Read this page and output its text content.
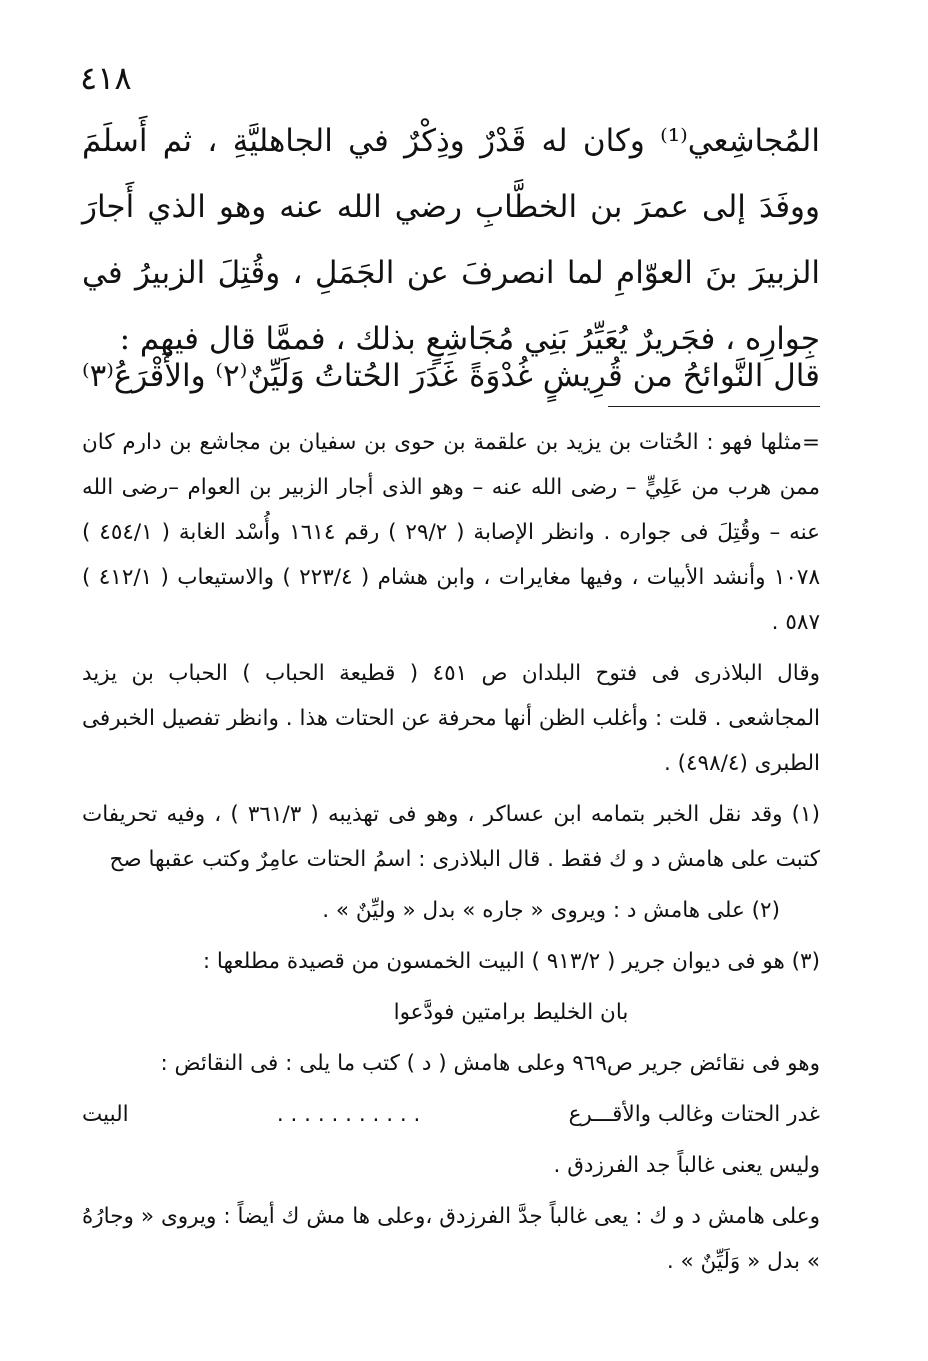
٤١٨

المُجاشِعي⁽¹⁾ وكان له قَدْرٌ وذِكْرٌ في الجاهليَّةِ ، ثم أَسلَمَ ووفَدَ إلى عمرَ بن الخطَّابِ رضي الله عنه وهو الذي أَجارَ الزبيرَ بنَ العوّامِ لما انصرفَ عن الجَمَلِ ، وقُتِلَ الزبيرُ في جِوارِه ، فجَريرٌ يُعَيِّرُ بَنِي مُجَاشِعٍ بذلك ، فممَّا قال فيهم :

قال النَّوائحُ من قُرِيشٍ غُدْوَةً
غَدَرَ الحُتاتُ وَلَيِّنٌ⁽٢⁾ والأَقْرَعُ⁽٣⁾

=مثلها فهو : الحُتات بن يزيد بن علقمة بن حوى بن سفيان بن مجاشع بن دارم كان ممن هرب من عَلِيٍّ – رضى الله عنه – وهو الذى أجار الزبير بن العوام –رضى الله عنه – وقُتِلَ فى جواره . وانظر الإصابة ( ٢٩/٢ ) رقم ١٦١٤ وأُسْد الغابة ( ٤٥٤/١ ) ١٠٧٨ وأنشد الأبيات ، وفيها مغايرات ، وابن هشام ( ٢٢٣/٤ ) والاستيعاب ( ٤١٢/١ ) ٥٨٧ .

وقال البلاذرى فى فتوح البلدان ص ٤٥١ ( قطيعة الحباب ) الحباب بن يزيد المجاشعى . قلت : وأغلب الظن أنها محرفة عن الحتات هذا . وانظر تفصيل الخبرفى الطبرى (٤٩٨/٤) .

(١) وقد نقل الخبر بتمامه ابن عساكر ، وهو فى تهذيبه ( ٣٦١/٣ ) ، وفيه تحريفات كتبت على هامش د و ك فقط . قال البلاذرى : اسمُ الحتات عامِرٌ وكتب عقبها صح

(٢) على هامش د : ويروى « جاره » بدل « وليِّنٌ » .

(٣) هو فى ديوان جرير ( ٩١٣/٢ ) البيت الخمسون من قصيدة مطلعها :

بان الخليط برامتين فودَّعوا

وهو فى نقائض جرير ص٩٦٩ وعلى هامش ( د ) كتب ما يلى : فى النقائض :

غدر الحتات وغالب والأقـــرع
. . . . . . . . . . .
البيت

وليس يعنى غالباً جد الفرزدق .

وعلى هامش د و ك : يعى غالباً جدَّ الفرزدق ،وعلى ها مش ك أيضاً : ويروى « وجارُهُ » بدل « وَلَيِّنٌ » .
